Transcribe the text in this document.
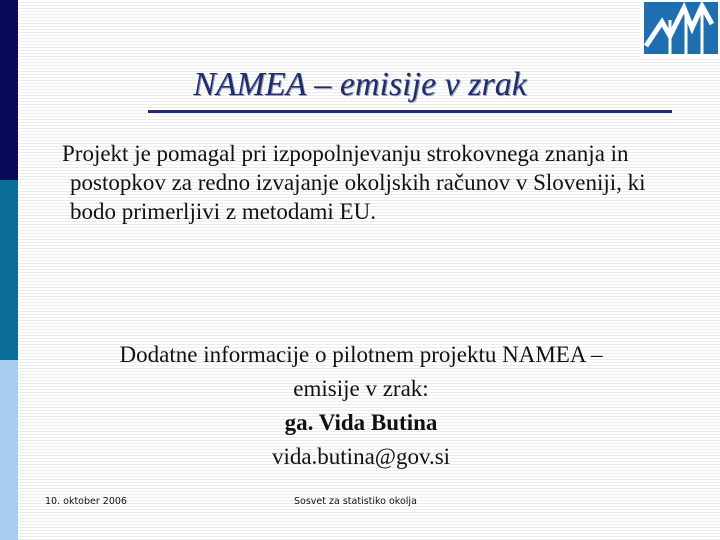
NAMEA – emisije v zrak
Projekt je pomagal pri izpopolnjevanju strokovnega znanja in postopkov za redno izvajanje okoljskih računov v Sloveniji, ki bodo primerljivi z metodami EU.
Dodatne informacije o pilotnem projektu NAMEA –
emisije v zrak:
ga. Vida Butina
vida.butina@gov.si
10. oktober 2006	Sosvet za statistiko okolja
